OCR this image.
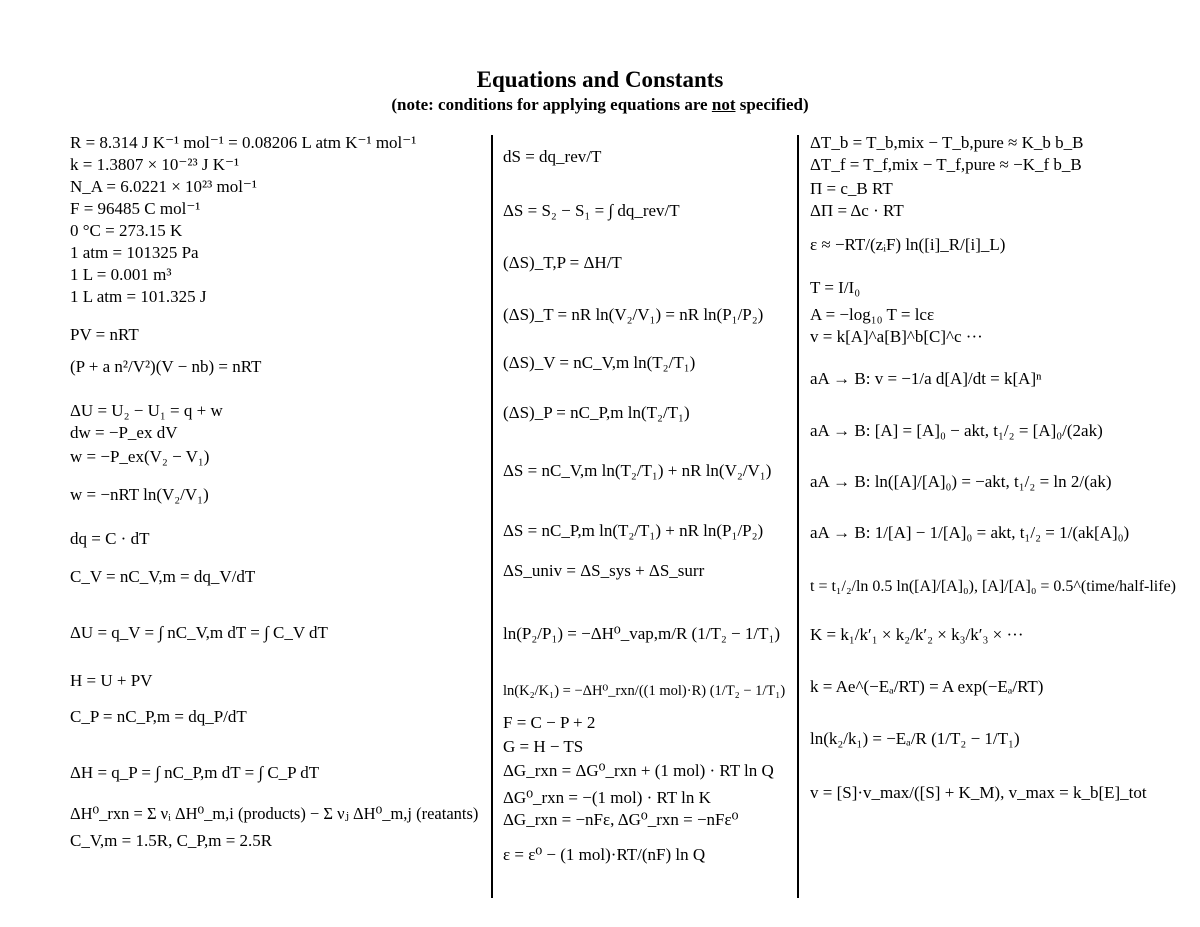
Equations and Constants
(note: conditions for applying equations are not specified)
R = 8.314 J K⁻¹ mol⁻¹ = 0.08206 L atm K⁻¹ mol⁻¹
k = 1.3807 × 10⁻²³ J K⁻¹
N_A = 6.0221 × 10²³ mol⁻¹
F = 96485 C mol⁻¹
0 °C = 273.15 K
1 atm = 101325 Pa
1 L = 0.001 m³
1 L atm = 101.325 J
PV = nRT
(P + a n²/V²)(V − nb) = nRT
ΔU = U₂ − U₁ = q + w
dw = −P_ex dV
w = −P_ex(V₂ − V₁)
w = −nRT ln(V₂/V₁)
dq = C · dT
C_V = nC_V,m = dq_V/dT
ΔU = q_V = ∫ nC_V,m dT = ∫ C_V dT
H = U + PV
C_P = nC_P,m = dq_P/dT
ΔH = q_P = ∫ nC_P,m dT = ∫ C_P dT
ΔH⁰_rxn = Σ νᵢ ΔH⁰_m,i (products) − Σ νⱼ ΔH⁰_m,j (reatants)
C_V,m = 1.5R, C_P,m = 2.5R
dS = dq_rev/T
ΔS = S₂ − S₁ = ∫ dq_rev/T
(ΔS)_T,P = ΔH/T
(ΔS)_T = nR ln(V₂/V₁) = nR ln(P₁/P₂)
(ΔS)_V = nC_V,m ln(T₂/T₁)
(ΔS)_P = nC_P,m ln(T₂/T₁)
ΔS = nC_V,m ln(T₂/T₁) + nR ln(V₂/V₁)
ΔS = nC_P,m ln(T₂/T₁) + nR ln(P₁/P₂)
ΔS_univ = ΔS_sys + ΔS_surr
ln(P₂/P₁) = −ΔH⁰_vap,m/R (1/T₂ − 1/T₁)
ln(K₂/K₁) = −ΔH⁰_rxn/((1 mol)·R) (1/T₂ − 1/T₁)
F = C − P + 2
G = H − TS
ΔG_rxn = ΔG⁰_rxn + (1 mol) · RT ln Q
ΔG⁰_rxn = −(1 mol) · RT ln K
ΔG_rxn = −nFε, ΔG⁰_rxn = −nFε⁰
ε = ε⁰ − (1 mol)·RT/(nF) ln Q
ΔT_b = T_b,mix − T_b,pure ≈ K_b b_B
ΔT_f = T_f,mix − T_f,pure ≈ −K_f b_B
Π = c_B RT
ΔΠ = Δc · RT
ε ≈ −RT/(zᵢF) ln([i]_R/[i]_L)
T = I/I₀
A = −log₁₀ T = lcε
v = k[A]^a[B]^b[C]^c ···
aA → B: v = −1/a d[A]/dt = k[A]ⁿ
aA → B: [A] = [A]₀ − akt, t₁/₂ = [A]₀/(2ak)
aA → B: ln([A]/[A]₀) = −akt, t₁/₂ = ln 2/(ak)
aA → B: 1/[A] − 1/[A]₀ = akt, t₁/₂ = 1/(ak[A]₀)
t = t₁/₂/ln 0.5 ln([A]/[A]₀), [A]/[A]₀ = 0.5^(time/half-life)
K = k₁/k′₁ × k₂/k′₂ × k₃/k′₃ × ···
k = Ae^(−Eₐ/RT) = A exp(−Eₐ/RT)
ln(k₂/k₁) = −Eₐ/R (1/T₂ − 1/T₁)
v = [S]·v_max/([S] + K_M), v_max = k_b[E]_tot
